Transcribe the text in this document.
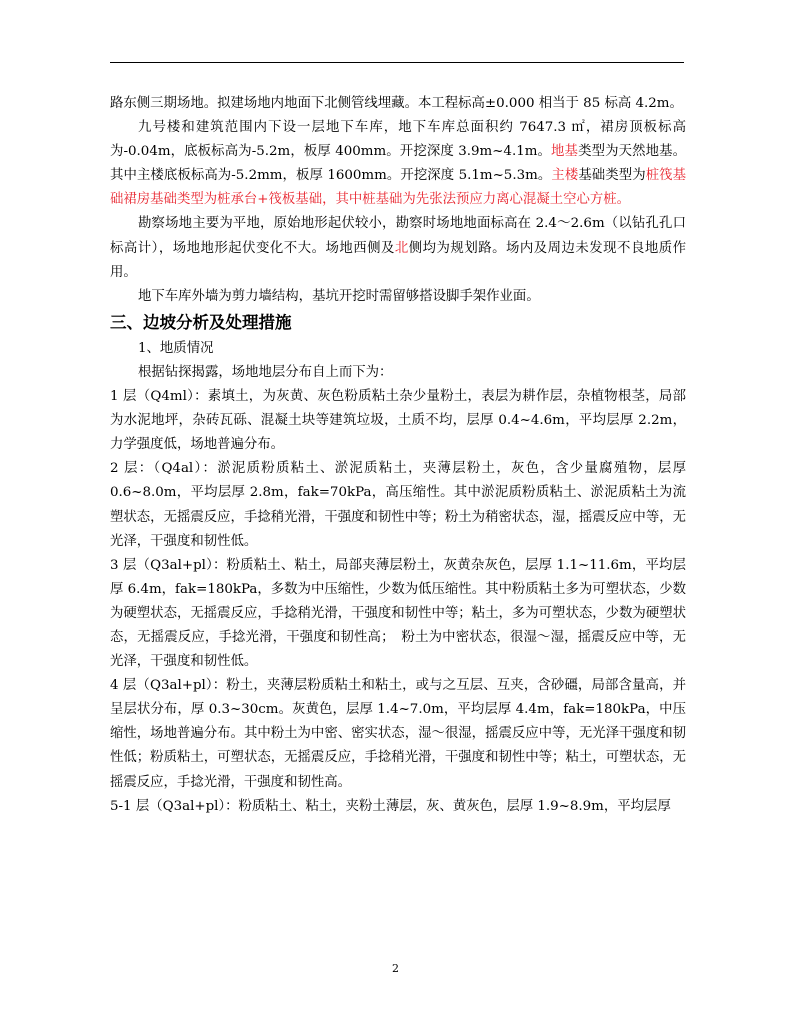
路东侧三期场地。拟建场地内地面下北侧管线埋藏。本工程标高±0.000 相当于 85 标高 4.2m。

九号楼和建筑范围内下设一层地下车库，地下车库总面积约 7647.3 ㎡，裙房顶板标高为-0.04m，底板标高为-5.2m，板厚 400mm。开挖深度 3.9m~4.1m。地基类型为天然地基。其中主楼底板标高为-5.2mm，板厚 1600mm。开挖深度 5.1m~5.3m。主楼基础类型为桩筏基础裙房基础类型为桩承台+筏板基础，其中桩基础为先张法预应力离心混凝土空心方桩。

勘察场地主要为平地，原始地形起伏较小，勘察时场地地面标高在 2.4～2.6m（以钻孔孔口标高计），场地地形起伏变化不大。场地西侧及北侧均为规划路。场内及周边未发现不良地质作用。

地下车库外墙为剪力墙结构，基坑开挖时需留够搭设脚手架作业面。

三、边坡分析及处理措施

1、地质情况

根据钻探揭露，场地地层分布自上而下为：

1 层（Q4ml）：素填土，为灰黄、灰色粉质粘土杂少量粉土，表层为耕作层，杂植物根茎，局部为水泥地坪，杂砖瓦砾、混凝土块等建筑垃圾，土质不均，层厚 0.4~4.6m，平均层厚 2.2m，力学强度低，场地普遍分布。

2 层：（Q4al）：淤泥质粉质粘土、淤泥质粘土，夹薄层粉土，灰色，含少量腐殖物，层厚 0.6~8.0m，平均层厚 2.8m，fak=70kPa，高压缩性。其中淤泥质粉质粘土、淤泥质粘土为流塑状态，无摇震反应，手捻稍光滑，干强度和韧性中等；粉土为稍密状态，湿，摇震反应中等，无光泽，干强度和韧性低。

3 层（Q3al+pl）：粉质粘土、粘土，局部夹薄层粉土，灰黄杂灰色，层厚 1.1~11.6m，平均层厚 6.4m，fak=180kPa，多数为中压缩性，少数为低压缩性。其中粉质粘土多为可塑状态，少数为硬塑状态，无摇震反应，手捻稍光滑，干强度和韧性中等；粘土，多为可塑状态，少数为硬塑状态，无摇震反应，手捻光滑，干强度和韧性高；　粉土为中密状态，很湿～湿，摇震反应中等，无光泽，干强度和韧性低。

4 层（Q3al+pl）：粉土，夹薄层粉质粘土和粘土，或与之互层、互夹，含砂礓，局部含量高，并呈层状分布，厚 0.3~30cm。灰黄色，层厚 1.4~7.0m，平均层厚 4.4m，fak=180kPa，中压缩性，场地普遍分布。其中粉土为中密、密实状态，湿～很湿，摇震反应中等，无光泽干强度和韧性低；粉质粘土，可塑状态，无摇震反应，手捻稍光滑，干强度和韧性中等；粘土，可塑状态，无摇震反应，手捻光滑，干强度和韧性高。

5-1 层（Q3al+pl）：粉质粘土、粘土，夹粉土薄层，灰、黄灰色，层厚 1.9~8.9m，平均层厚

2
